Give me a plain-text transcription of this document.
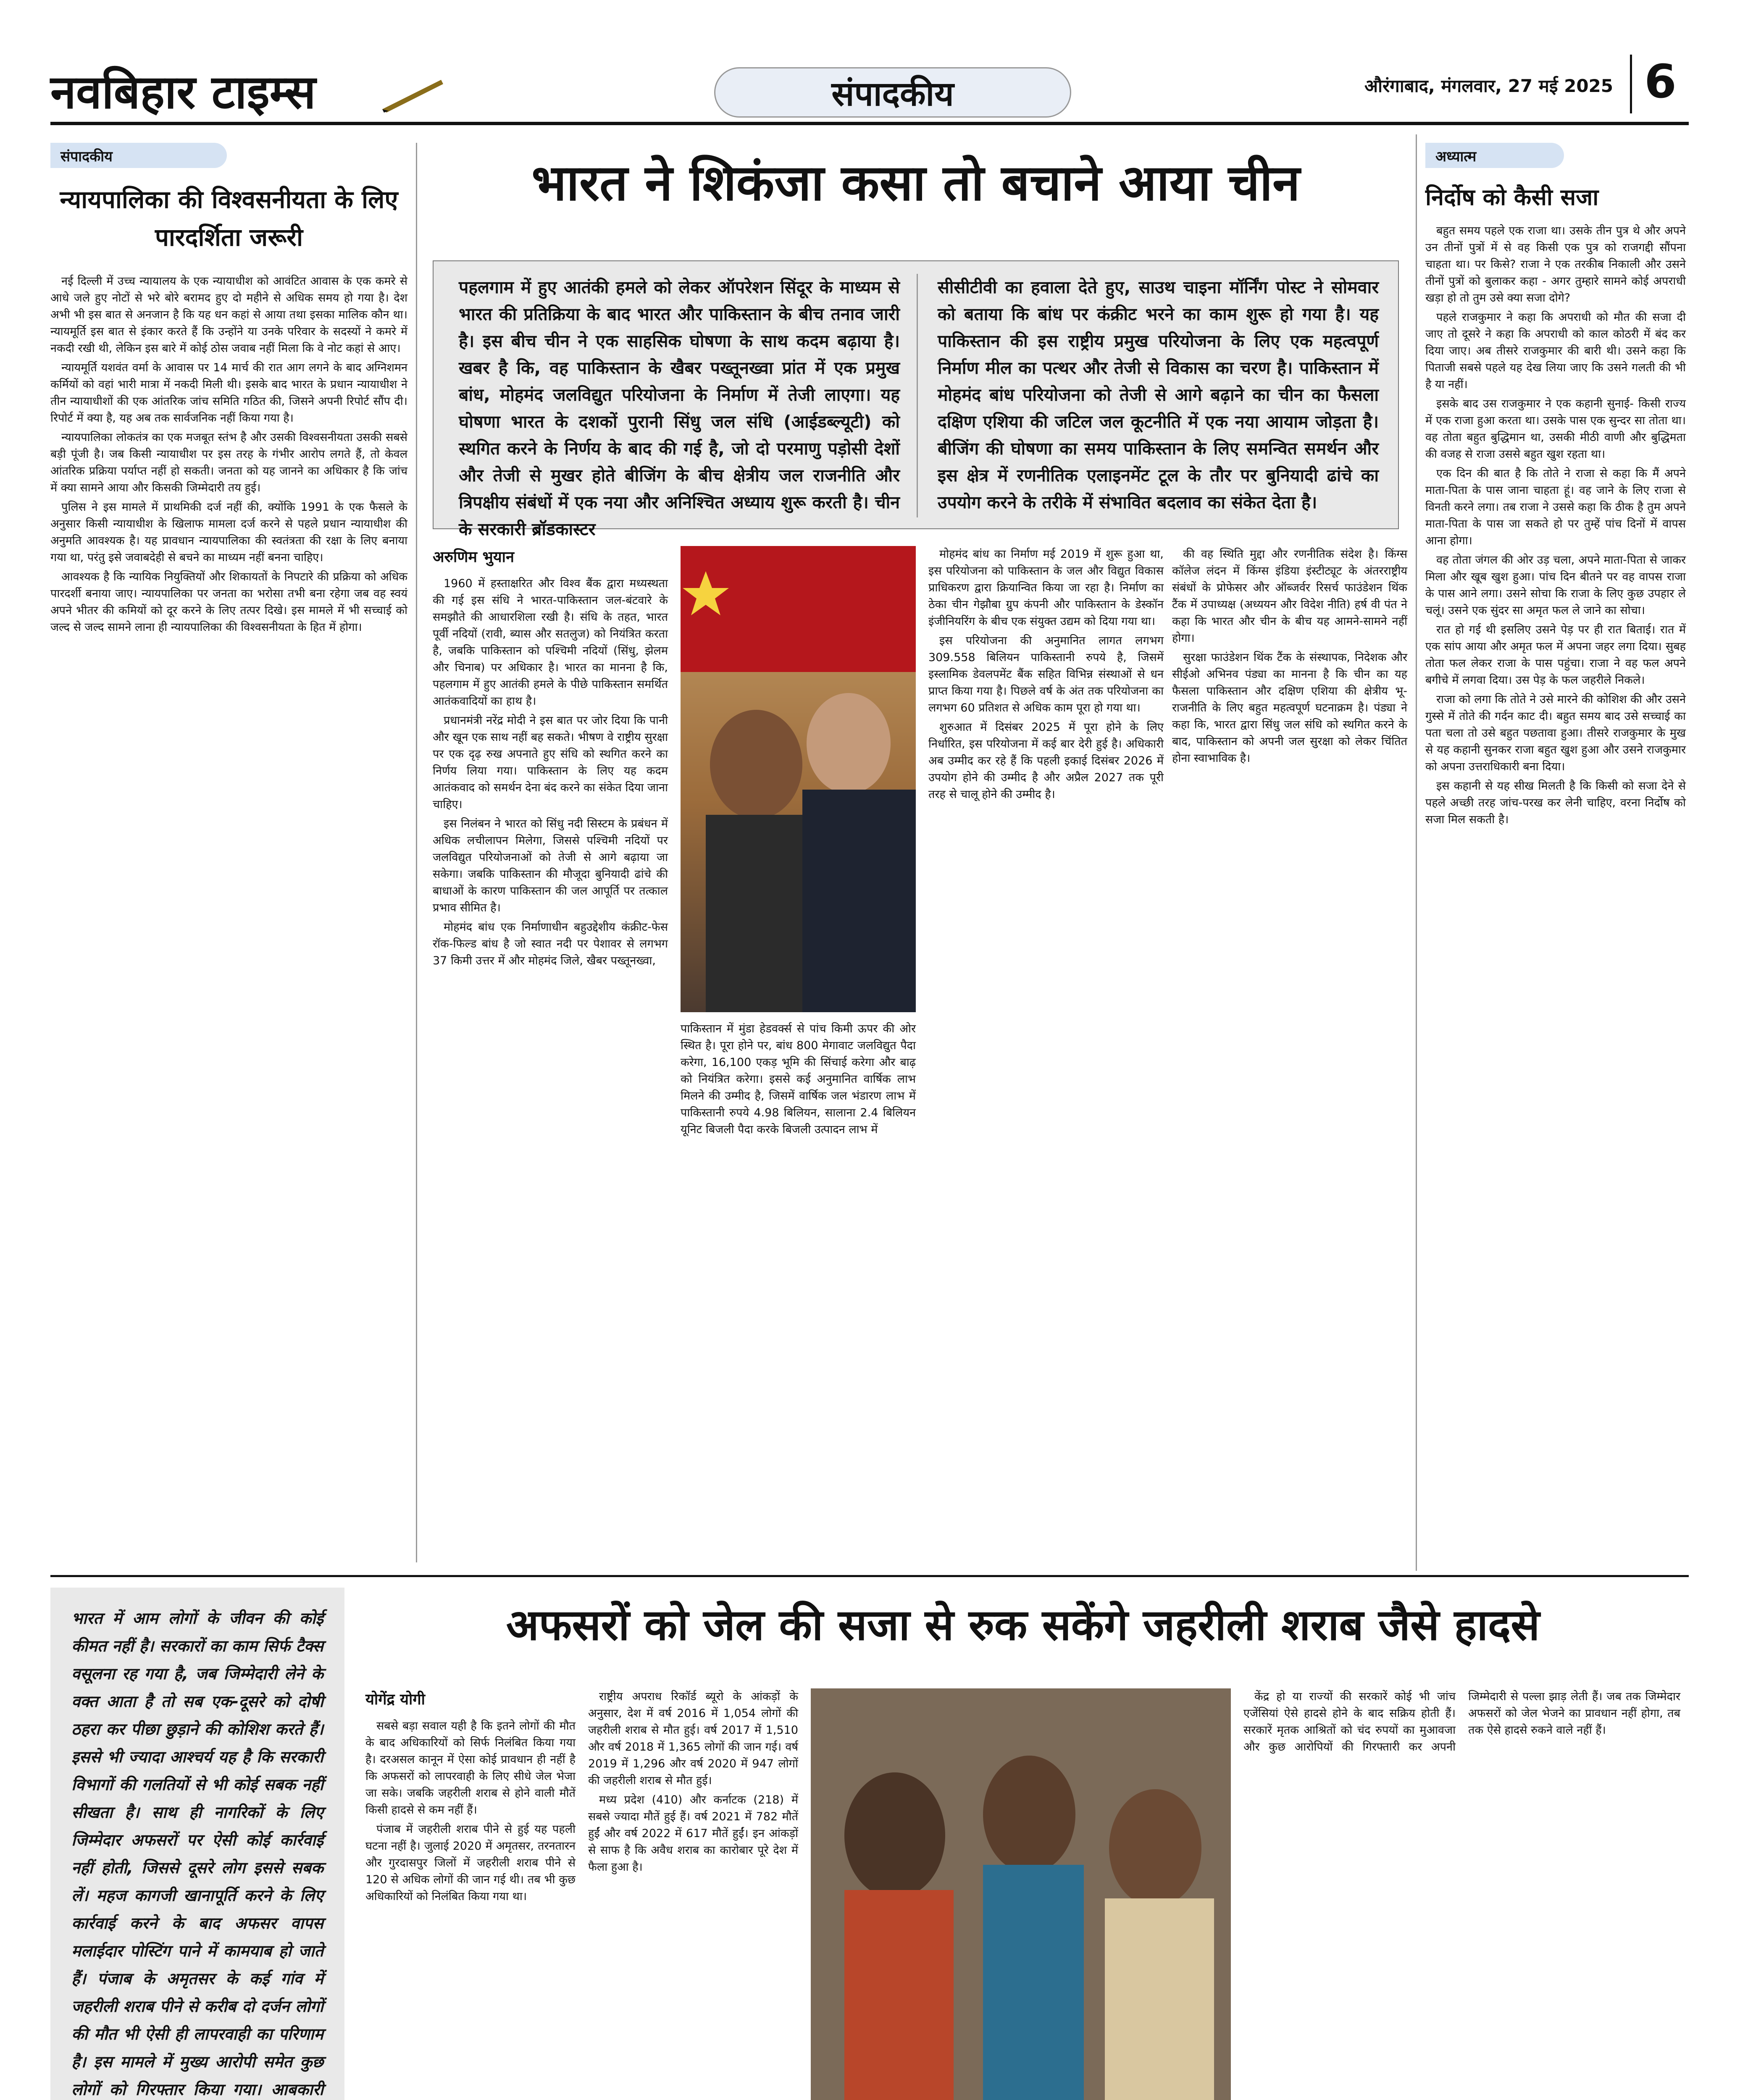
नवबिहार टाइम्स	संपादकीय	औरंगाबाद, मंगलवार, 27 मई 2025 6
संपादकीय
न्यायपालिका की विश्वसनीयता के लिए पारदर्शिता जरूरी

नई दिल्ली में उच्च न्यायालय के एक न्यायाधीश को आवंटित आवास के एक कमरे से आधे जले हुए नोटों से भरे बोरे बरामद हुए दो महीने से अधिक समय हो गया है। देश अभी भी इस बात से अनजान है कि यह धन कहां से आया तथा इसका मालिक कौन था। न्यायमूर्ति इस बात से इंकार करते हैं कि उन्होंने या उनके परिवार के सदस्यों ने कमरे में नकदी रखी थी, लेकिन इस बारे में कोई ठोस जवाब नहीं मिला कि वे नोट कहां से आए।

न्यायमूर्ति यशवंत वर्मा के आवास पर 14 मार्च की रात आग लगने के बाद अग्निशमन कर्मियों को वहां भारी मात्रा में नकदी मिली थी। इसके बाद भारत के प्रधान न्यायाधीश ने तीन न्यायाधीशों की एक आंतरिक जांच समिति गठित की, जिसने अपनी रिपोर्ट सौंप दी। रिपोर्ट में क्या है, यह अब तक सार्वजनिक नहीं किया गया है।

न्यायपालिका लोकतंत्र का एक मजबूत स्तंभ है और उसकी विश्वसनीयता उसकी सबसे बड़ी पूंजी है। जब किसी न्यायाधीश पर इस तरह के गंभीर आरोप लगते हैं, तो केवल आंतरिक प्रक्रिया पर्याप्त नहीं हो सकती। जनता को यह जानने का अधिकार है कि जांच में क्या सामने आया और किसकी जिम्मेदारी तय हुई।

पुलिस ने इस मामले में प्राथमिकी दर्ज नहीं की, क्योंकि 1991 के एक फैसले के अनुसार किसी न्यायाधीश के खिलाफ मामला दर्ज करने से पहले प्रधान न्यायाधीश की अनुमति आवश्यक है। यह प्रावधान न्यायपालिका की स्वतंत्रता की रक्षा के लिए बनाया गया था, परंतु इसे जवाबदेही से बचने का माध्यम नहीं बनना चाहिए।

आवश्यक है कि न्यायिक नियुक्तियों और शिकायतों के निपटारे की प्रक्रिया को अधिक पारदर्शी बनाया जाए। न्यायपालिका पर जनता का भरोसा तभी बना रहेगा जब वह स्वयं अपने भीतर की कमियों को दूर करने के लिए तत्पर दिखे। इस मामले में भी सच्चाई को जल्द से जल्द सामने लाना ही न्यायपालिका की विश्वसनीयता के हित में होगा।

भारत ने शिकंजा कसा तो बचाने आया चीन
पहलगाम में हुए आतंकी हमले को लेकर ऑपरेशन सिंदूर के माध्यम से भारत की प्रतिक्रिया के बाद भारत और पाकिस्तान के बीच तनाव जारी है। इस बीच चीन ने एक साहसिक घोषणा के साथ कदम बढ़ाया है। खबर है कि, वह पाकिस्तान के खैबर पख्तूनख्वा प्रांत में एक प्रमुख बांध, मोहमंद जलविद्युत परियोजना के निर्माण में तेजी लाएगा। यह घोषणा भारत के दशकों पुरानी सिंधु जल संधि (आईडब्ल्यूटी) को स्थगित करने के निर्णय के बाद की गई है, जो दो परमाणु पड़ोसी देशों और तेजी से मुखर होते बीजिंग के बीच क्षेत्रीय जल राजनीति और त्रिपक्षीय संबंधों में एक नया और अनिश्चित अध्याय शुरू करती है। चीन के सरकारी ब्रॉडकास्टर
सीसीटीवी का हवाला देते हुए, साउथ चाइना मॉर्निंग पोस्ट ने सोमवार को बताया कि बांध पर कंक्रीट भरने का काम शुरू हो गया है। यह पाकिस्तान की इस राष्ट्रीय प्रमुख परियोजना के लिए एक महत्वपूर्ण निर्माण मील का पत्थर और तेजी से विकास का चरण है। पाकिस्तान में मोहमंद बांध परियोजना को तेजी से आगे बढ़ाने का चीन का फैसला दक्षिण एशिया की जटिल जल कूटनीति में एक नया आयाम जोड़ता है। बीजिंग की घोषणा का समय पाकिस्तान के लिए समन्वित समर्थन और इस क्षेत्र में रणनीतिक एलाइनमेंट टूल के तौर पर बुनियादी ढांचे का उपयोग करने के तरीके में संभावित बदलाव का संकेत देता है।
अरुणिम भुयान

1960 में हस्ताक्षरित और विश्व बैंक द्वारा मध्यस्थता की गई इस संधि ने भारत-पाकिस्तान जल-बंटवारे के समझौते की आधारशिला रखी है। संधि के तहत, भारत पूर्वी नदियों (रावी, ब्यास और सतलुज) को नियंत्रित करता है, जबकि पाकिस्तान को पश्चिमी नदियों (सिंधु, झेलम और चिनाब) पर अधिकार है। भारत का मानना है कि, पहलगाम में हुए आतंकी हमले के पीछे पाकिस्तान समर्थित आतंकवादियों का हाथ है।

प्रधानमंत्री नरेंद्र मोदी ने इस बात पर जोर दिया कि पानी और खून एक साथ नहीं बह सकते। भीषण वे राष्ट्रीय सुरक्षा पर एक दृढ़ रुख अपनाते हुए संधि को स्थगित करने का निर्णय लिया गया। पाकिस्तान के लिए यह कदम आतंकवाद को समर्थन देना बंद करने का संकेत दिया जाना चाहिए।

इस निलंबन ने भारत को सिंधु नदी सिस्टम के प्रबंधन में अधिक लचीलापन मिलेगा, जिससे पश्चिमी नदियों पर जलविद्युत परियोजनाओं को तेजी से आगे बढ़ाया जा सकेगा। जबकि पाकिस्तान की मौजूदा बुनियादी ढांचे की बाधाओं के कारण पाकिस्तान की जल आपूर्ति पर तत्काल प्रभाव सीमित है।

मोहमंद बांध एक निर्माणाधीन बहुउद्देशीय कंक्रीट-फेस रॉक-फिल्ड बांध है जो स्वात नदी पर पेशावर से लगभग 37 किमी उत्तर में और मोहमंद जिले, खैबर पख्तूनख्वा,

पाकिस्तान में मुंडा हेडवर्क्स से पांच किमी ऊपर की ओर स्थित है। पूरा होने पर, बांध 800 मेगावाट जलविद्युत पैदा करेगा, 16,100 एकड़ भूमि की सिंचाई करेगा और बाढ़ को नियंत्रित करेगा। इससे कई अनुमानित वार्षिक लाभ मिलने की उम्मीद है, जिसमें वार्षिक जल भंडारण लाभ में पाकिस्तानी रुपये 4.98 बिलियन, सालाना 2.4 बिलियन यूनिट बिजली पैदा करके बिजली उत्पादन लाभ में

मोहमंद बांध का निर्माण मई 2019 में शुरू हुआ था, इस परियोजना को पाकिस्तान के जल और विद्युत विकास प्राधिकरण द्वारा क्रियान्वित किया जा रहा है। निर्माण का ठेका चीन गेझौबा ग्रुप कंपनी और पाकिस्तान के डेस्कॉन इंजीनियरिंग के बीच एक संयुक्त उद्यम को दिया गया था।

इस परियोजना की अनुमानित लागत लगभग 309.558 बिलियन पाकिस्तानी रुपये है, जिसमें इस्लामिक डेवलपमेंट बैंक सहित विभिन्न संस्थाओं से धन प्राप्त किया गया है। पिछले वर्ष के अंत तक परियोजना का लगभग 60 प्रतिशत से अधिक काम पूरा हो गया था।

शुरुआत में दिसंबर 2025 में पूरा होने के लिए निर्धारित, इस परियोजना में कई बार देरी हुई है। अधिकारी अब उम्मीद कर रहे हैं कि पहली इकाई दिसंबर 2026 में उपयोग होने की उम्मीद है और अप्रैल 2027 तक पूरी तरह से चालू होने की उम्मीद है।

की वह स्थिति मुद्दा और रणनीतिक संदेश है। किंग्स कॉलेज लंदन में किंग्स इंडिया इंस्टीट्यूट के अंतरराष्ट्रीय संबंधों के प्रोफेसर और ऑब्जर्वर रिसर्च फाउंडेशन थिंक टैंक में उपाध्यक्ष (अध्ययन और विदेश नीति) हर्ष वी पंत ने कहा कि भारत और चीन के बीच यह आमने-सामने नहीं होगा।

सुरक्षा फाउंडेशन थिंक टैंक के संस्थापक, निदेशक और सीईओ अभिनव पंड्या का मानना है कि चीन का यह फैसला पाकिस्तान और दक्षिण एशिया की क्षेत्रीय भू-राजनीति के लिए बहुत महत्वपूर्ण घटनाक्रम है। पंड्या ने कहा कि, भारत द्वारा सिंधु जल संधि को स्थगित करने के बाद, पाकिस्तान को अपनी जल सुरक्षा को लेकर चिंतित होना स्वाभाविक है।

अध्यात्म
निर्दोष को कैसी सजा

बहुत समय पहले एक राजा था। उसके तीन पुत्र थे और अपने उन तीनों पुत्रों में से वह किसी एक पुत्र को राजगद्दी सौंपना चाहता था। पर किसे? राजा ने एक तरकीब निकाली और उसने तीनों पुत्रों को बुलाकर कहा - अगर तुम्हारे सामने कोई अपराधी खड़ा हो तो तुम उसे क्या सजा दोगे?

पहले राजकुमार ने कहा कि अपराधी को मौत की सजा दी जाए तो दूसरे ने कहा कि अपराधी को काल कोठरी में बंद कर दिया जाए। अब तीसरे राजकुमार की बारी थी। उसने कहा कि पिताजी सबसे पहले यह देख लिया जाए कि उसने गलती की भी है या नहीं।

इसके बाद उस राजकुमार ने एक कहानी सुनाई- किसी राज्य में एक राजा हुआ करता था। उसके पास एक सुन्दर सा तोता था। वह तोता बहुत बुद्धिमान था, उसकी मीठी वाणी और बुद्धिमता की वजह से राजा उससे बहुत खुश रहता था।

एक दिन की बात है कि तोते ने राजा से कहा कि मैं अपने माता-पिता के पास जाना चाहता हूं। वह जाने के लिए राजा से विनती करने लगा। तब राजा ने उससे कहा कि ठीक है तुम अपने माता-पिता के पास जा सकते हो पर तुम्हें पांच दिनों में वापस आना होगा।

वह तोता जंगल की ओर उड़ चला, अपने माता-पिता से जाकर मिला और खूब खुश हुआ। पांच दिन बीतने पर वह वापस राजा के पास आने लगा। उसने सोचा कि राजा के लिए कुछ उपहार ले चलूं। उसने एक सुंदर सा अमृत फल ले जाने का सोचा।

रात हो गई थी इसलिए उसने पेड़ पर ही रात बिताई। रात में एक सांप आया और अमृत फल में अपना जहर लगा दिया। सुबह तोता फल लेकर राजा के पास पहुंचा। राजा ने वह फल अपने बगीचे में लगवा दिया। उस पेड़ के फल जहरीले निकले।

राजा को लगा कि तोते ने उसे मारने की कोशिश की और उसने गुस्से में तोते की गर्दन काट दी। बहुत समय बाद उसे सच्चाई का पता चला तो उसे बहुत पछतावा हुआ। तीसरे राजकुमार के मुख से यह कहानी सुनकर राजा बहुत खुश हुआ और उसने राजकुमार को अपना उत्तराधिकारी बना दिया।

इस कहानी से यह सीख मिलती है कि किसी को सजा देने से पहले अच्छी तरह जांच-परख कर लेनी चाहिए, वरना निर्दोष को सजा मिल सकती है।

भारत में आम लोगों के जीवन की कोई कीमत नहीं है। सरकारों का काम सिर्फ टैक्स वसूलना रह गया है, जब जिम्मेदारी लेने के वक्त आता है तो सब एक-दूसरे को दोषी ठहरा कर पीछा छुड़ाने की कोशिश करते हैं। इससे भी ज्यादा आश्चर्य यह है कि सरकारी विभागों की गलतियों से भी कोई सबक नहीं सीखता है। साथ ही नागरिकों के लिए जिम्मेदार अफसरों पर ऐसी कोई कार्रवाई नहीं होती, जिससे दूसरे लोग इससे सबक लें। महज कागजी खानापूर्ति करने के लिए कार्रवाई करने के बाद अफसर वापस मलाईदार पोस्टिंग पाने में कामयाब हो जाते हैं। पंजाब के अमृतसर के कई गांव में जहरीली शराब पीने से करीब दो दर्जन लोगों की मौत भी ऐसी ही लापरवाही का परिणाम है। इस मामले में मुख्य आरोपी समेत कुछ लोगों को गिरफ्तार किया गया। आबकारी
अफसरों को जेल की सजा से रुक सकेंगे जहरीली शराब जैसे हादसे
योगेंद्र योगी

सबसे बड़ा सवाल यही है कि इतने लोगों की मौत के बाद अधिकारियों को सिर्फ निलंबित किया गया है। दरअसल कानून में ऐसा कोई प्रावधान ही नहीं है कि अफसरों को लापरवाही के लिए सीधे जेल भेजा जा सके। जबकि जहरीली शराब से होने वाली मौतें किसी हादसे से कम नहीं हैं।

पंजाब में जहरीली शराब पीने से हुई यह पहली घटना नहीं है। जुलाई 2020 में अमृतसर, तरनतारन और गुरदासपुर जिलों में जहरीली शराब पीने से 120 से अधिक लोगों की जान गई थी। तब भी कुछ अधिकारियों को निलंबित किया गया था।

राष्ट्रीय अपराध रिकॉर्ड ब्यूरो के आंकड़ों के अनुसार, देश में वर्ष 2016 में 1,054 लोगों की जहरीली शराब से मौत हुई। वर्ष 2017 में 1,510 और वर्ष 2018 में 1,365 लोगों की जान गई। वर्ष 2019 में 1,296 और वर्ष 2020 में 947 लोगों की जहरीली शराब से मौत हुई।

मध्य प्रदेश (410) और कर्नाटक (218) में सबसे ज्यादा मौतें हुई हैं। वर्ष 2021 में 782 मौतें हुईं और वर्ष 2022 में 617 मौतें हुईं। इन आंकड़ों से साफ है कि अवैध शराब का कारोबार पूरे देश में फैला हुआ है।

केंद्र हो या राज्यों की सरकारें कोई भी जांच एजेंसियां ऐसे हादसे होने के बाद सक्रिय होती हैं। सरकारें मृतक आश्रितों को चंद रुपयों का मुआवजा और कुछ आरोपियों की गिरफ्तारी कर अपनी जिम्मेदारी से पल्ला झाड़ लेती हैं। जब तक जिम्मेदार अफसरों को जेल भेजने का प्रावधान नहीं होगा, तब तक ऐसे हादसे रुकने वाले नहीं हैं।
